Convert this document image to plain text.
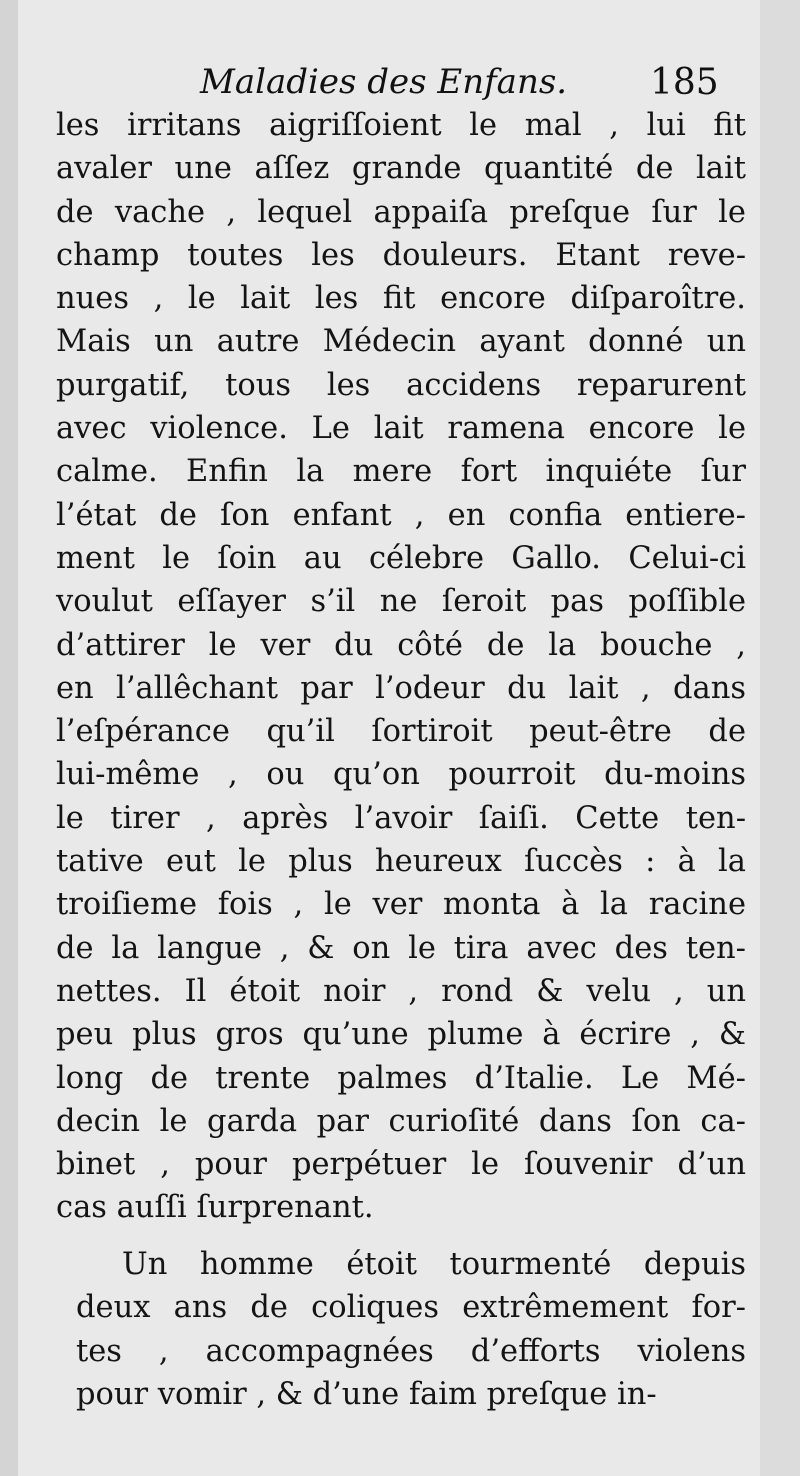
Maladies des Enfans. 185
les irritans aigriſſoient le mal , lui fit
avaler une aſſez grande quantité de lait
de vache , lequel appaiſa preſque ſur le
champ toutes les douleurs. Etant reve-
nues , le lait les fit encore diſparoître.
Mais un autre Médecin ayant donné un
purgatif, tous les accidens reparurent
avec violence. Le lait ramena encore le
calme. Enfin la mere fort inquiéte ſur
l’état de ſon enfant , en confia entiere-
ment le ſoin au célebre Gallo. Celui-ci
voulut eſſayer s’il ne ſeroit pas poſſible
d’attirer le ver du côté de la bouche ,
en l’allêchant par l’odeur du lait , dans
l’eſpérance qu’il ſortiroit peut-être de
lui-même , ou qu’on pourroit du-moins
le tirer , après l’avoir ſaiſi. Cette ten-
tative eut le plus heureux ſuccès : à la
troiſieme fois , le ver monta à la racine
de la langue , & on le tira avec des ten-
nettes. Il étoit noir , rond & velu , un
peu plus gros qu’une plume à écrire , &
long de trente palmes d’Italie. Le Mé-
decin le garda par curioſité dans ſon ca-
binet , pour perpétuer le ſouvenir d’un
cas auſſi ſurprenant.
Un homme étoit tourmenté depuis
deux ans de coliques extrêmement for-
tes , accompagnées d’efforts violens
pour vomir , & d’une faim preſque in-
